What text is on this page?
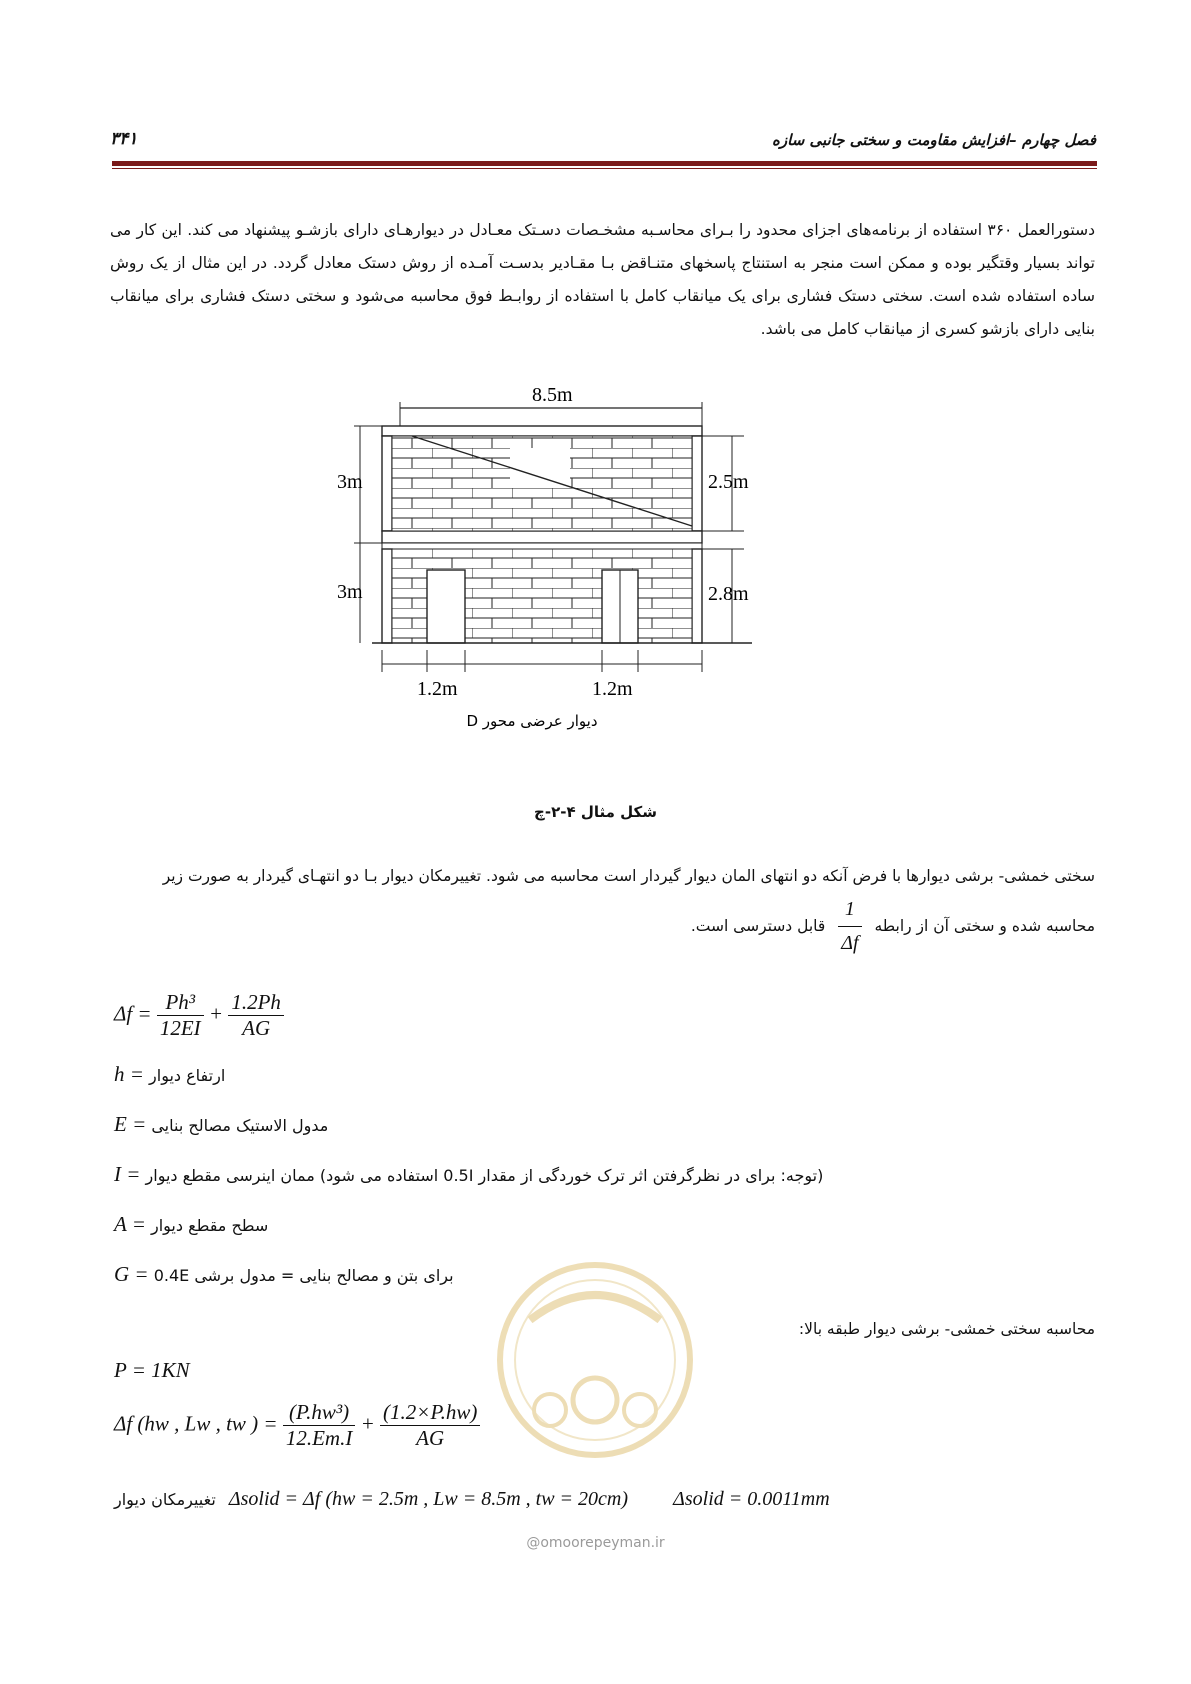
فصل چهارم –افزایش مقاومت و سختی جانبی سازه
۳۴۱
دستورالعمل ۳۶۰ استفاده از برنامه‌های اجزای محدود را بـرای محاسـبه مشخـصات دسـتک معـادل در دیوارهـای دارای بازشـو پیشنهاد می کند. این کار می تواند بسیار وقتگیر بوده و ممکن است منجر به استنتاج پاسخهای متنـاقض بـا مقـادیر بدسـت آمـده از روش دستک معادل گردد. در این مثال از یک روش ساده استفاده شده است. سختی دستک فشاری برای یک میانقاب کامل با استفاده از روابـط فوق محاسبه می‌شود و سختی دستک فشاری برای میانقاب بنایی دارای بازشو کسری از میانقاب کامل می باشد.
8.5m
3m
3m
2.5m
2.8m
1.2m	1.2m
دیوار عرضی محور D
شکل مثال ۴-۲-چ
سختی خمشی- برشی دیوارها با فرض آنکه دو انتهای المان دیوار گیردار است محاسبه می شود. تغییرمکان دیوار بـا دو انتهـای گیردار به صورت زیر محاسبه شده و سختی آن از رابطه
$\frac{1}{\Delta f}$
قابل دسترسی است.
$\Delta f = \frac{\text{Ph³}}{12EI} + \frac{1.2Ph}{AG}$
h = ارتفاع دیوار
E = مدول الاستیک مصالح بنایی
I = (توجه: برای در نظرگرفتن اثر ترک خوردگی از مقدار 0.5I استفاده می شود) ممان اینرسی مقطع دیوار
A = سطح مقطع دیوار
G = 0.4E برای بتن و مصالح بنایی = مدول برشی
محاسبه سختی خمشی- برشی دیوار طبقه بالا:
P = 1KN
Δf (hw , Lw , tw ) = $\frac{\text{(P.hw³)}}{12.Em.I} + \frac{(1.2\times P.hw)}{AG}$
تغییرمکان دیوار Δsolid = Δf (hw = 2.5m , Lw = 8.5m , tw = 20cm) Δsolid = 0.0011mm
@omoorepeyman.ir
